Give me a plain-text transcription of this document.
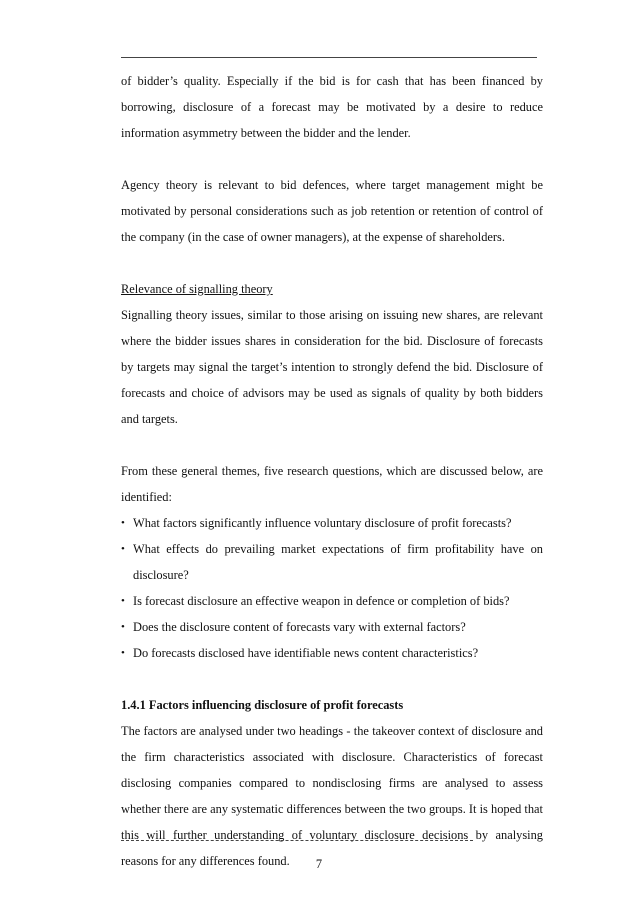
of bidder’s quality. Especially if the bid is for cash that has been financed by borrowing, disclosure of a forecast may be motivated by a desire to reduce information asymmetry between the bidder and the lender.

Agency theory is relevant to bid defences, where target management might be motivated by personal considerations such as job retention or retention of control of the company (in the case of owner managers), at the expense of shareholders.

Relevance of signalling theory

Signalling theory issues, similar to those arising on issuing new shares, are relevant where the bidder issues shares in consideration for the bid. Disclosure of forecasts by targets may signal the target’s intention to strongly defend the bid. Disclosure of forecasts and choice of advisors may be used as signals of quality by both bidders and targets.

From these general themes, five research questions, which are discussed below, are identified:

• What factors significantly influence voluntary disclosure of profit forecasts?
• What effects do prevailing market expectations of firm profitability have on disclosure?
• Is forecast disclosure an effective weapon in defence or completion of bids?
• Does the disclosure content of forecasts vary with external factors?
• Do forecasts disclosed have identifiable news content characteristics?

1.4.1 Factors influencing disclosure of profit forecasts

The factors are analysed under two headings - the takeover context of disclosure and the firm characteristics associated with disclosure. Characteristics of forecast disclosing companies compared to nondisclosing firms are analysed to assess whether there are any systematic differences between the two groups. It is hoped that this will further understanding of voluntary disclosure decisions by analysing reasons for any differences found.	7
